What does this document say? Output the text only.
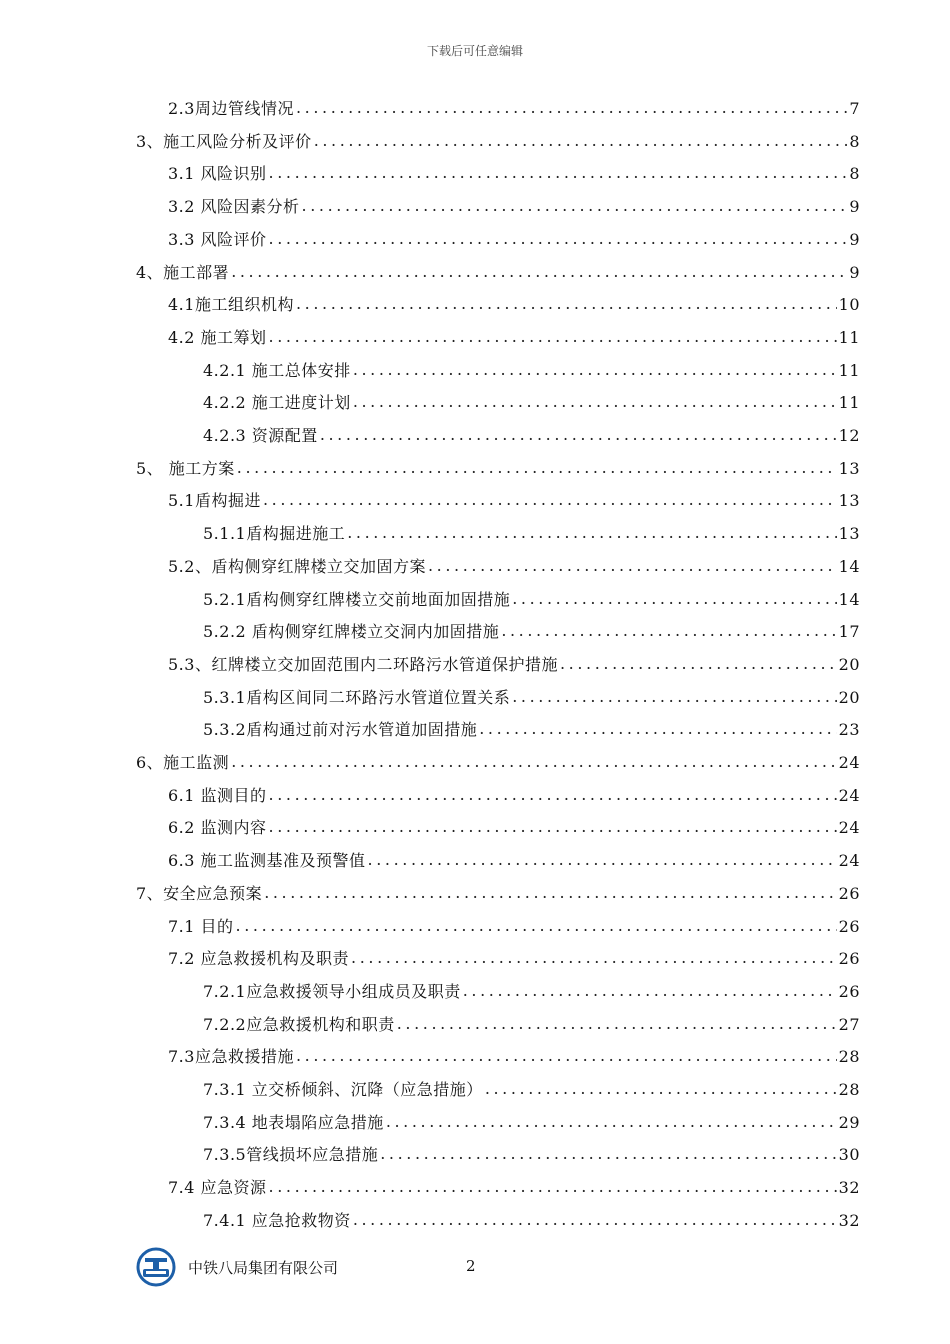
下载后可任意编辑
2.3周边管线情况 .....	7
3、施工风险分析及评价 .....	8
3.1 风险识别 .....	8
3.2 风险因素分析 .....	9
3.3 风险评价 .....	9
4、施工部署 .....	9
4.1施工组织机构 .....	10
4.2 施工筹划 .....	11
4.2.1 施工总体安排 .....	11
4.2.2 施工进度计划 .....	11
4.2.3 资源配置 .....	12
5、 施工方案 .....	13
5.1盾构掘进 .....	13
5.1.1盾构掘进施工 .....	13
5.2、盾构侧穿红牌楼立交加固方案 .....	14
5.2.1盾构侧穿红牌楼立交前地面加固措施 .....	14
5.2.2 盾构侧穿红牌楼立交洞内加固措施 .....	17
5.3、红牌楼立交加固范围内二环路污水管道保护措施 .....	20
5.3.1盾构区间同二环路污水管道位置关系 .....	20
5.3.2盾构通过前对污水管道加固措施 .....	23
6、施工监测 .....	24
6.1 监测目的 .....	24
6.2 监测内容 .....	24
6.3 施工监测基准及预警值 .....	24
7、安全应急预案 .....	26
7.1 目的 .....	26
7.2 应急救援机构及职责 .....	26
7.2.1应急救援领导小组成员及职责 .....	26
7.2.2应急救援机构和职责 .....	27
7.3应急救援措施 .....	28
7.3.1 立交桥倾斜、沉降（应急措施） .....	28
7.3.4 地表塌陷应急措施 .....	29
7.3.5管线损坏应急措施 .....	30
7.4 应急资源 .....	32
7.4.1 应急抢救物资 .....	32
中铁八局集团有限公司	2
